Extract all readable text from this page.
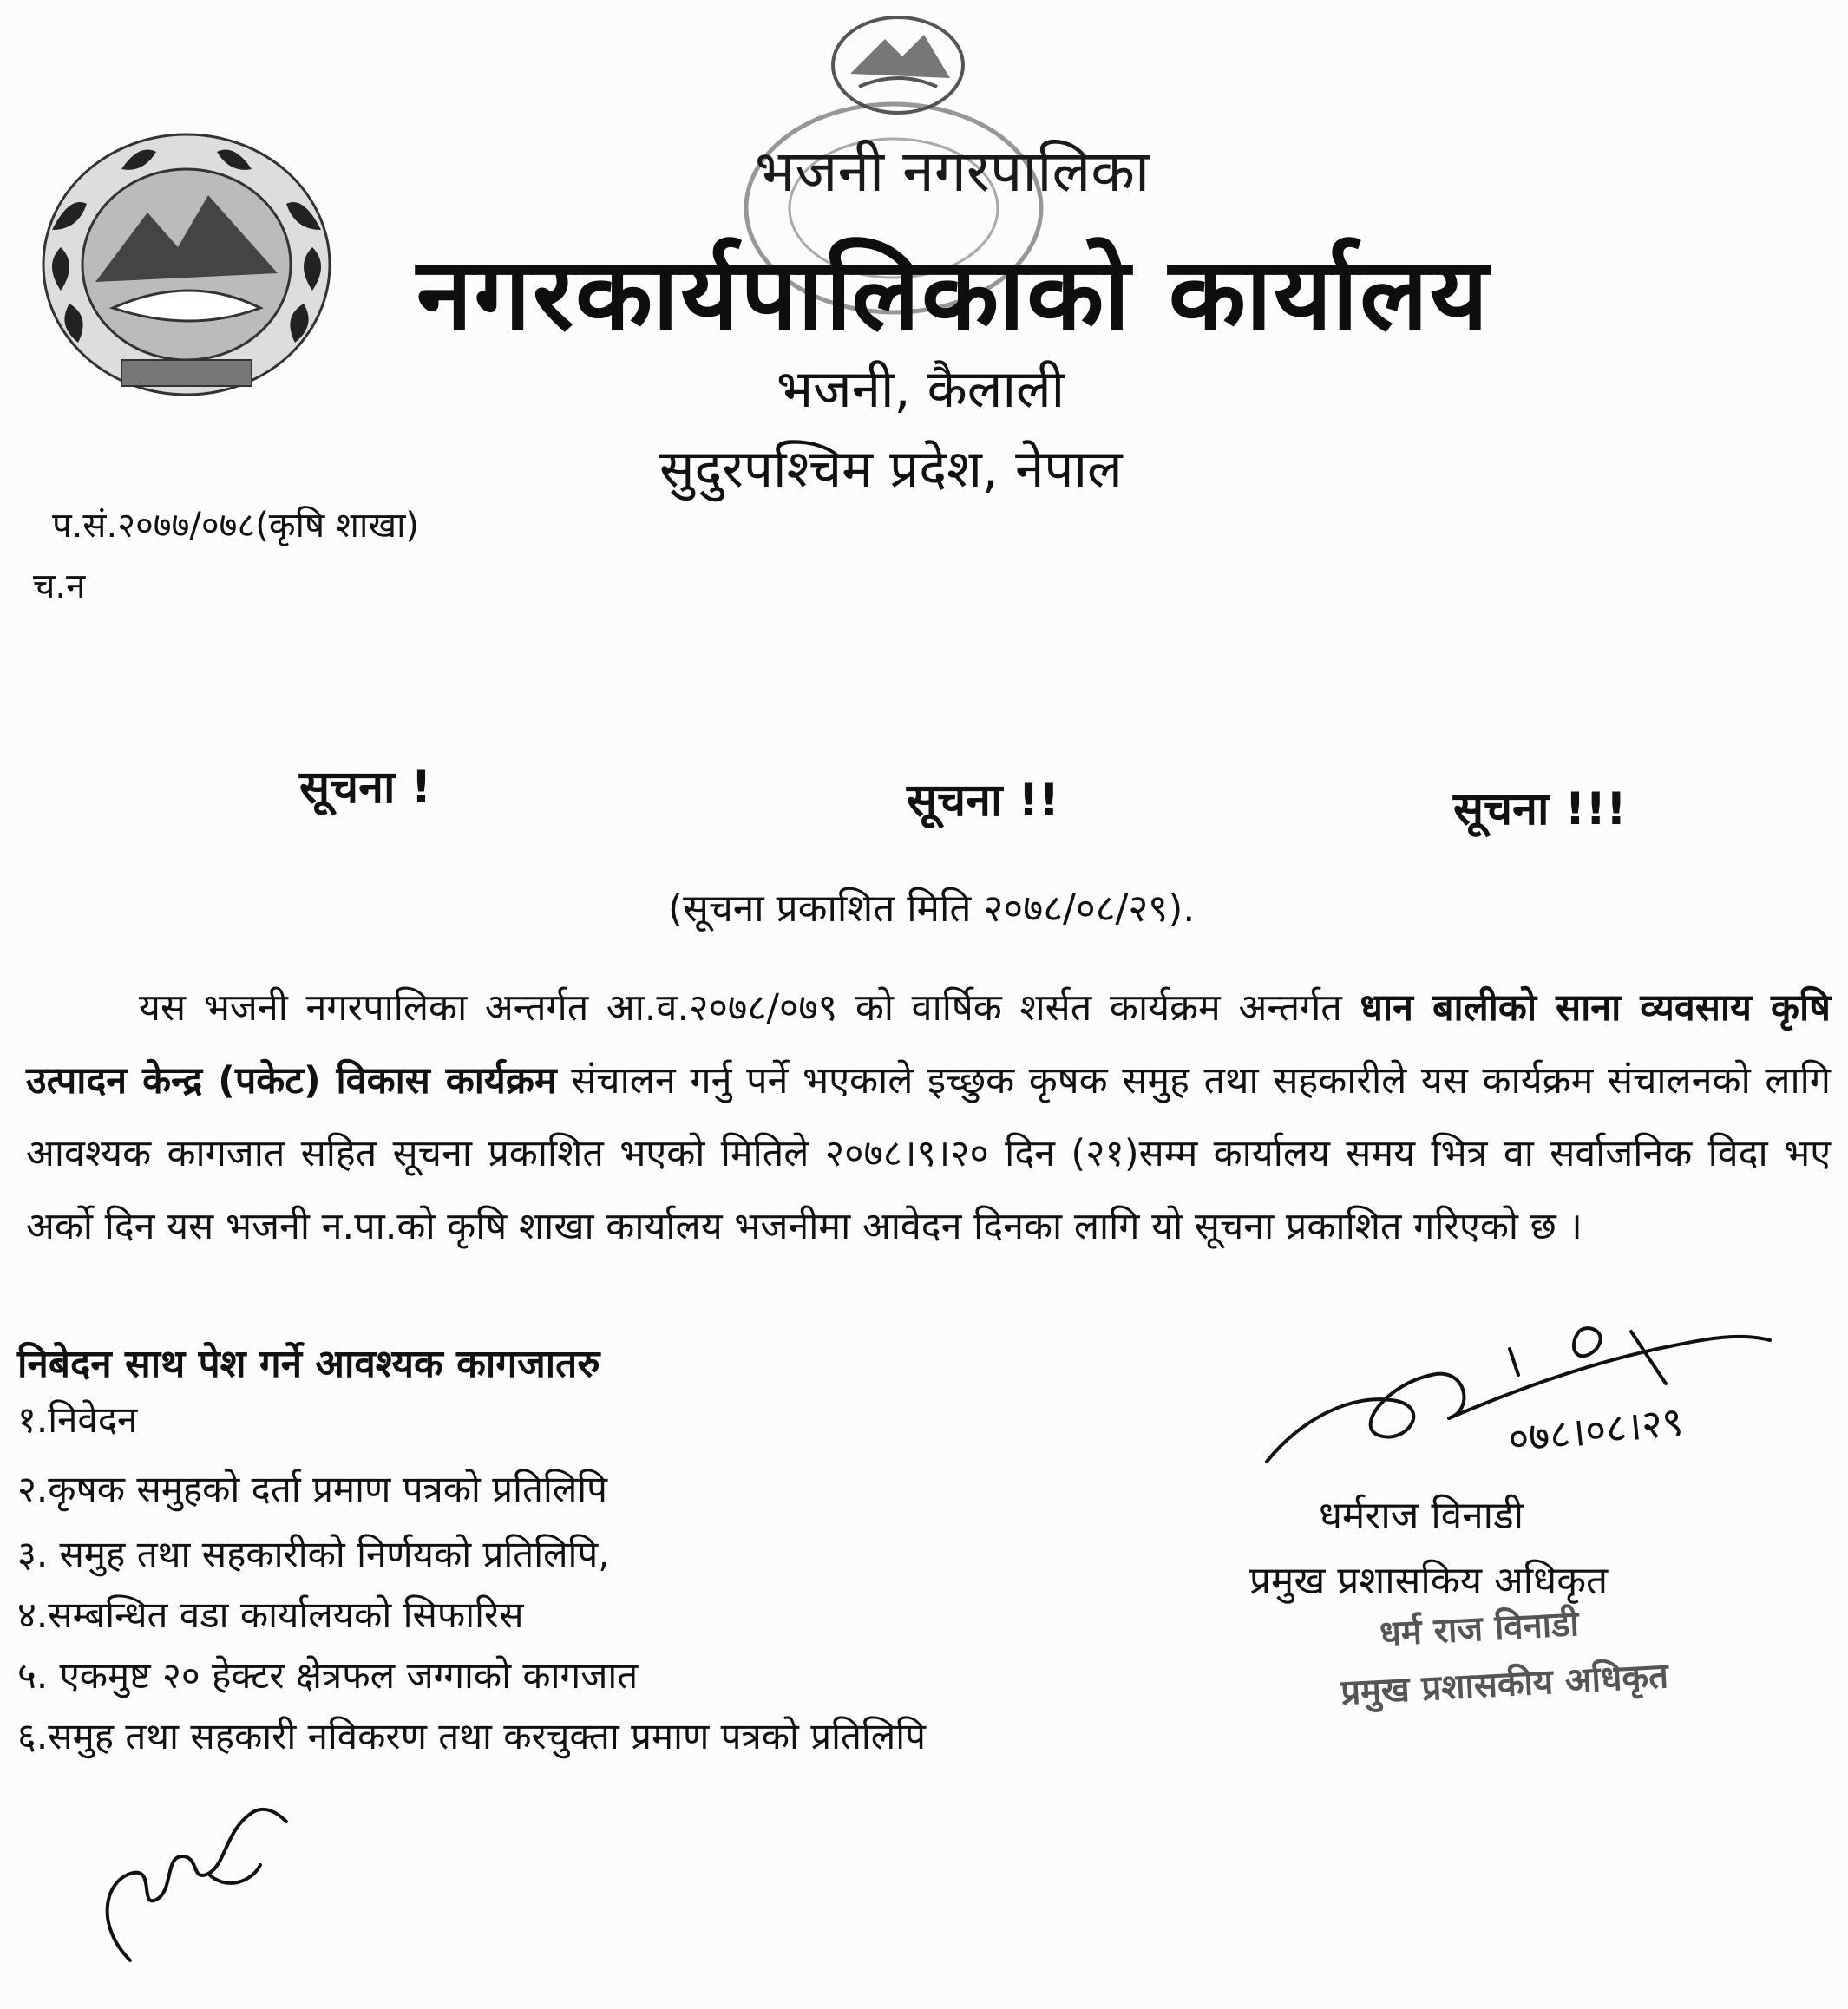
भजनी नगरपालिका
नगरकार्यपालिकाको कार्यालय
भजनी, कैलाली
सुदुरपश्चिम प्रदेश, नेपाल
प.सं.२०७७/०७८(कृषि शाखा)
च.न
सूचना !	सूचना !!	सूचना !!!
(सूचना प्रकाशित मिति २०७८/०८/२९).
यस भजनी नगरपालिका अन्तर्गत आ.व.२०७८/०७९ को वार्षिक शर्सत कार्यक्रम अन्तर्गत धान बालीको साना व्यवसाय कृषि उत्पादन केन्द्र (पकेट) विकास कार्यक्रम संचालन गर्नु पर्ने भएकाले इच्छुक कृषक समुह तथा सहकारीले यस कार्यक्रम संचालनको लागि आवश्यक कागजात सहित सूचना प्रकाशित भएको मितिले २०७८।९।२० दिन (२१)सम्म कार्यालय समय भित्र वा सर्वाजनिक विदा भए अर्को दिन यस भजनी न.पा.को कृषि शाखा कार्यालय भजनीमा आवेदन दिनका लागि यो सूचना प्रकाशित गरिएको छ ।
निबेदन साथ पेश गर्ने आवश्यक कागजातरु
१.निवेदन
२.कृषक समुहको दर्ता प्रमाण पत्रको प्रतिलिपि
३. समुह तथा सहकारीको निर्णयको प्रतिलिपि,
४.सम्बन्धित वडा कार्यालयको सिफारिस
५. एकमुष्ट २० हेक्टर क्षेत्रफल जग्गाको कागजात
६.समुह तथा सहकारी नविकरण तथा करचुक्ता प्रमाण पत्रको प्रतिलिपि
०७८।०८।२९
धर्मराज विनाडी
प्रमुख प्रशासकिय अधिकृत
धर्म राज विनाडी
प्रमुख प्रशासकीय अधिकृत
